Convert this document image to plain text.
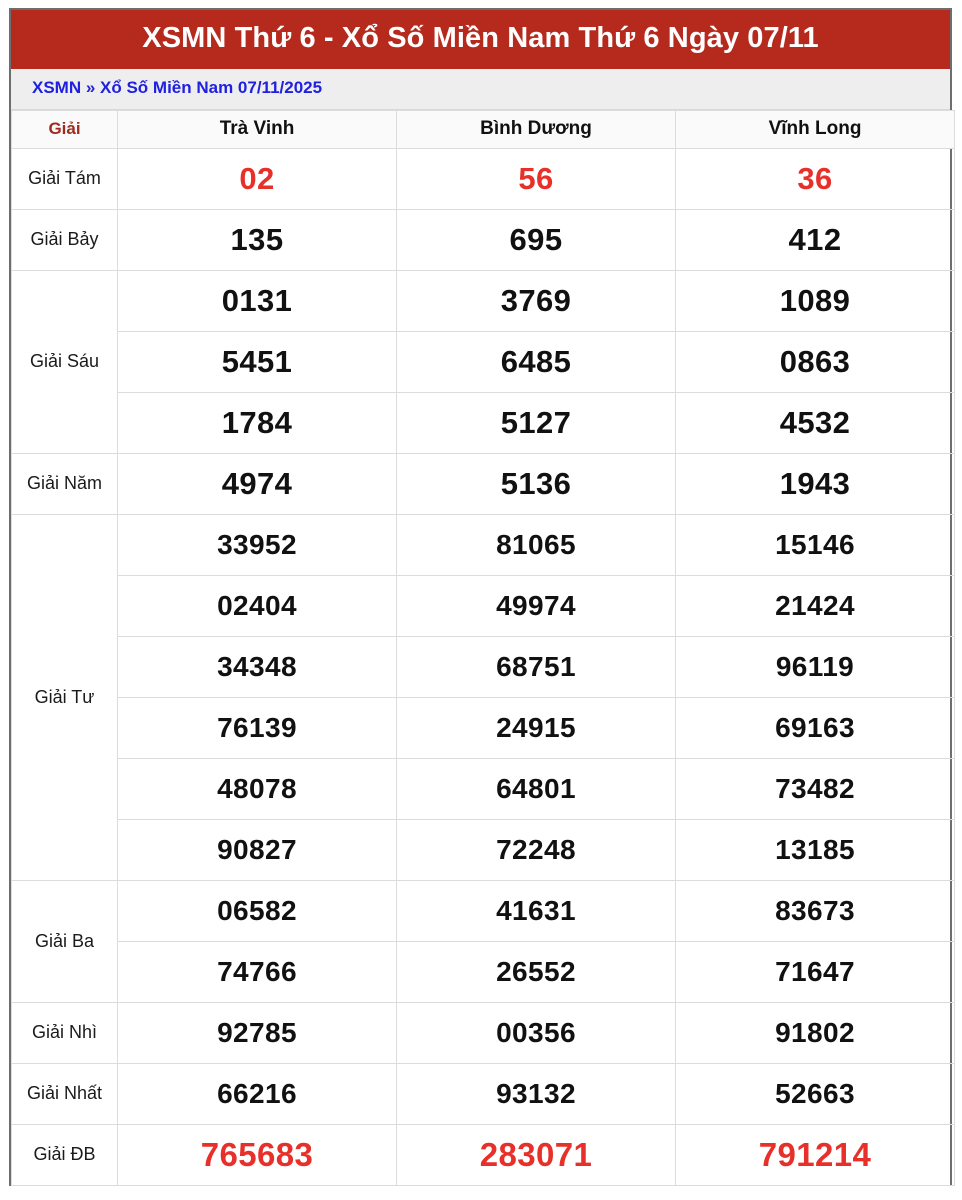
XSMN Thứ 6 - Xổ Số Miền Nam Thứ 6 Ngày 07/11
XSMN » Xổ Số Miền Nam 07/11/2025
Giải	Trà Vinh	Bình Dương	Vĩnh Long
Giải Tám	02	56	36
Giải Bảy	135	695	412
Giải Sáu	0131	3769	1089
	5451	6485	0863
	1784	5127	4532
Giải Năm	4974	5136	1943
Giải Tư	33952	81065	15146
	02404	49974	21424
	34348	68751	96119
	76139	24915	69163
	48078	64801	73482
	90827	72248	13185
Giải Ba	06582	41631	83673
	74766	26552	71647
Giải Nhì	92785	00356	91802
Giải Nhất	66216	93132	52663
Giải ĐB	765683	283071	791214
